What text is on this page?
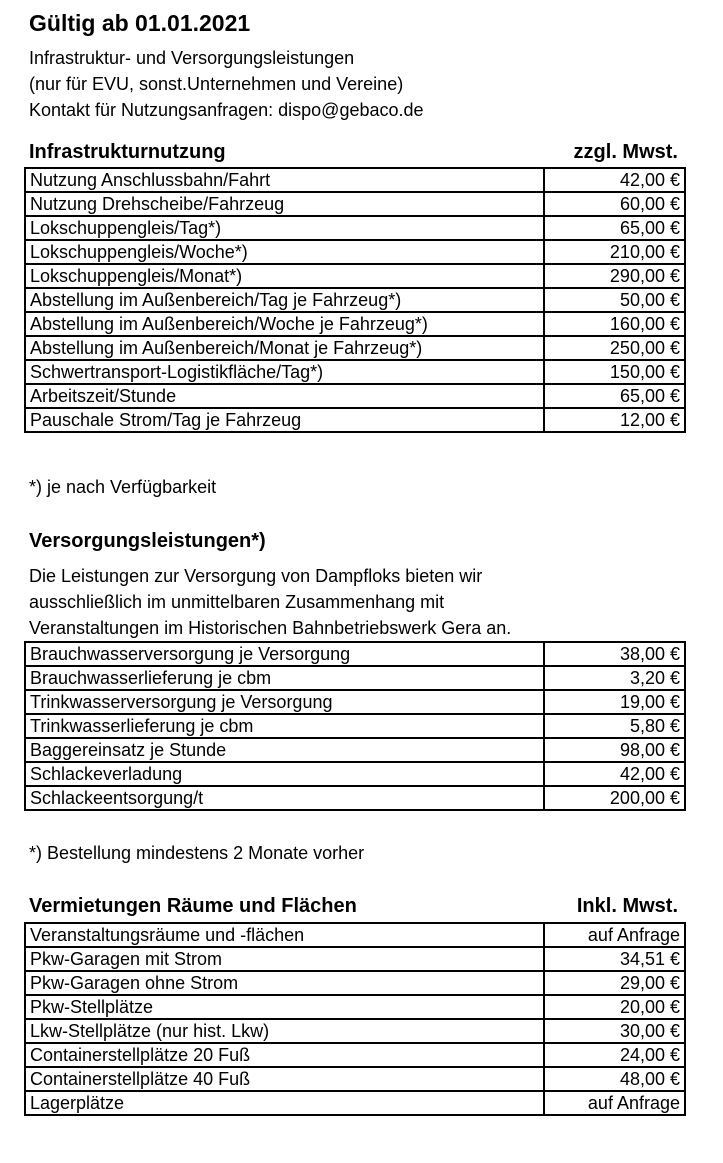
Gültig ab 01.01.2021
Infrastruktur- und Versorgungsleistungen
(nur für EVU, sonst.Unternehmen und Vereine)
Kontakt für Nutzungsanfragen: dispo@gebaco.de
Infrastrukturnutzung	zzgl. Mwst.
Nutzung Anschlussbahn/Fahrt	42,00 €
Nutzung Drehscheibe/Fahrzeug	60,00 €
Lokschuppengleis/Tag*)	65,00 €
Lokschuppengleis/Woche*)	210,00 €
Lokschuppengleis/Monat*)	290,00 €
Abstellung im Außenbereich/Tag je Fahrzeug*)	50,00 €
Abstellung im Außenbereich/Woche je Fahrzeug*)	160,00 €
Abstellung im Außenbereich/Monat je Fahrzeug*)	250,00 €
Schwertransport-Logistikfläche/Tag*)	150,00 €
Arbeitszeit/Stunde	65,00 €
Pauschale Strom/Tag je Fahrzeug	12,00 €
*) je nach Verfügbarkeit
Versorgungsleistungen*)
Die Leistungen zur Versorgung von Dampfloks bieten wir
ausschließlich im unmittelbaren Zusammenhang mit
Veranstaltungen im Historischen Bahnbetriebswerk Gera an.
Brauchwasserversorgung je Versorgung	38,00 €
Brauchwasserlieferung je cbm	3,20 €
Trinkwasserversorgung je Versorgung	19,00 €
Trinkwasserlieferung je cbm	5,80 €
Baggereinsatz je Stunde	98,00 €
Schlackeverladung	42,00 €
Schlackeentsorgung/t	200,00 €
*) Bestellung mindestens 2 Monate vorher
Vermietungen Räume und Flächen	Inkl. Mwst.
Veranstaltungsräume und -flächen	auf Anfrage
Pkw-Garagen mit Strom	34,51 €
Pkw-Garagen ohne Strom	29,00 €
Pkw-Stellplätze	20,00 €
Lkw-Stellplätze (nur hist. Lkw)	30,00 €
Containerstellplätze 20 Fuß	24,00 €
Containerstellplätze 40 Fuß	48,00 €
Lagerplätze	auf Anfrage
